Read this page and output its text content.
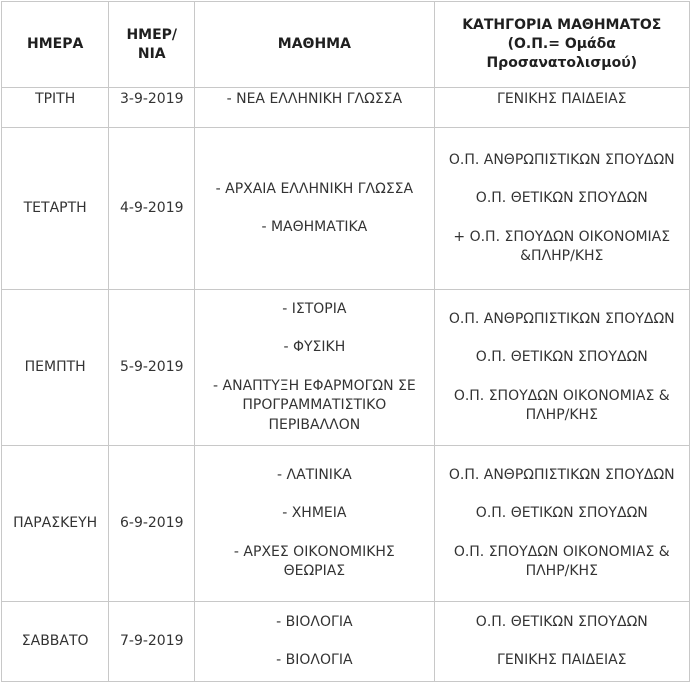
ΗΜΕΡΑ	ΗΜΕΡ/
ΝΙΑ	ΜΑΘΗΜΑ	ΚΑΤΗΓΟΡΙΑ ΜΑΘΗΜΑΤΟΣ
(Ο.Π.= Ομάδα
Προσανατολισμού)
ΤΡΙΤΗ	3-9-2019	- ΝΕΑ ΕΛΛΗΝΙΚΗ ΓΛΩΣΣΑ	ΓΕΝΙΚΗΣ ΠΑΙΔΕΙΑΣ

ΤΕΤΑΡΤΗ	4-9-2019	- ΑΡΧΑΙΑ ΕΛΛΗΝΙΚΗ ΓΛΩΣΣΑ
- ΜΑΘΗΜΑΤΙΚΑ	Ο.Π. ΑΝΘΡΩΠΙΣΤΙΚΩΝ ΣΠΟΥΔΩΝ
Ο.Π. ΘΕΤΙΚΩΝ ΣΠΟΥΔΩΝ
+ Ο.Π. ΣΠΟΥΔΩΝ ΟΙΚΟΝΟΜΙΑΣ &ΠΛΗΡ/ΚΗΣ

ΠΕΜΠΤΗ	5-9-2019	- ΙΣΤΟΡΙΑ
- ΦΥΣΙΚΗ
- ΑΝΑΠΤΥΞΗ ΕΦΑΡΜΟΓΩΝ ΣΕ ΠΡΟΓΡΑΜΜΑΤΙΣΤΙΚΟ ΠΕΡΙΒΑΛΛΟΝ	Ο.Π. ΑΝΘΡΩΠΙΣΤΙΚΩΝ ΣΠΟΥΔΩΝ
Ο.Π. ΘΕΤΙΚΩΝ ΣΠΟΥΔΩΝ
Ο.Π. ΣΠΟΥΔΩΝ ΟΙΚΟΝΟΜΙΑΣ & ΠΛΗΡ/ΚΗΣ

ΠΑΡΑΣΚΕΥΗ	6-9-2019	- ΛΑΤΙΝΙΚΑ
- ΧΗΜΕΙΑ
- ΑΡΧΕΣ ΟΙΚΟΝΟΜΙΚΗΣ ΘΕΩΡΙΑΣ	Ο.Π. ΑΝΘΡΩΠΙΣΤΙΚΩΝ ΣΠΟΥΔΩΝ
Ο.Π. ΘΕΤΙΚΩΝ ΣΠΟΥΔΩΝ
Ο.Π. ΣΠΟΥΔΩΝ ΟΙΚΟΝΟΜΙΑΣ & ΠΛΗΡ/ΚΗΣ

ΣΑΒΒΑΤΟ	7-9-2019	- ΒΙΟΛΟΓΙΑ
- ΒΙΟΛΟΓΙΑ	Ο.Π. ΘΕΤΙΚΩΝ ΣΠΟΥΔΩΝ
ΓΕΝΙΚΗΣ ΠΑΙΔΕΙΑΣ
